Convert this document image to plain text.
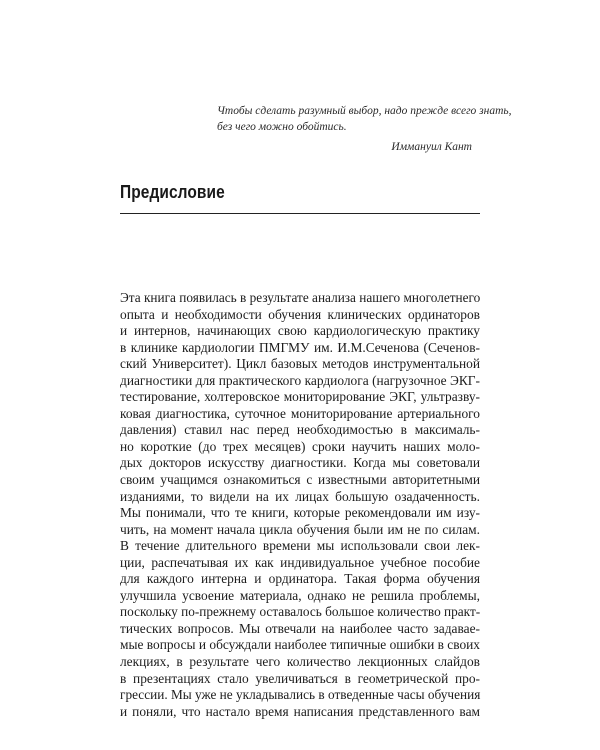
Чтобы сделать разумный выбор, надо прежде всего знать,
без чего можно обойтись.
Иммануил Кант
Предисловие
Эта книга появилась в результате анализа нашего многолетнего
опыта и необходимости обучения клинических ординаторов
и интернов, начинающих свою кардиологическую практику
в клинике кардиологии ПМГМУ им. И.М.Сеченова (Сеченов-
ский Университет). Цикл базовых методов инструментальной
диагностики для практического кардиолога (нагрузочное ЭКГ-
тестирование, холтеровское мониторирование ЭКГ, ультразву-
ковая диагностика, суточное мониторирование артериального
давления) ставил нас перед необходимостью в максималь-
но короткие (до трех месяцев) сроки научить наших моло-
дых докторов искусству диагностики. Когда мы советовали
своим учащимся ознакомиться с известными авторитетными
изданиями, то видели на их лицах большую озадаченность.
Мы понимали, что те книги, которые рекомендовали им изу-
чить, на момент начала цикла обучения были им не по силам.
В течение длительного времени мы использовали свои лек-
ции, распечатывая их как индивидуальное учебное пособие
для каждого интерна и ординатора. Такая форма обучения
улучшила усвоение материала, однако не решила проблемы,
поскольку по-прежнему оставалось большое количество практ-
тических вопросов. Мы отвечали на наиболее часто задавае-
мые вопросы и обсуждали наиболее типичные ошибки в своих
лекциях, в результате чего количество лекционных слайдов
в презентациях стало увеличиваться в геометрической про-
грессии. Мы уже не укладывались в отведенные часы обучения
и поняли, что настало время написания представленного вам
